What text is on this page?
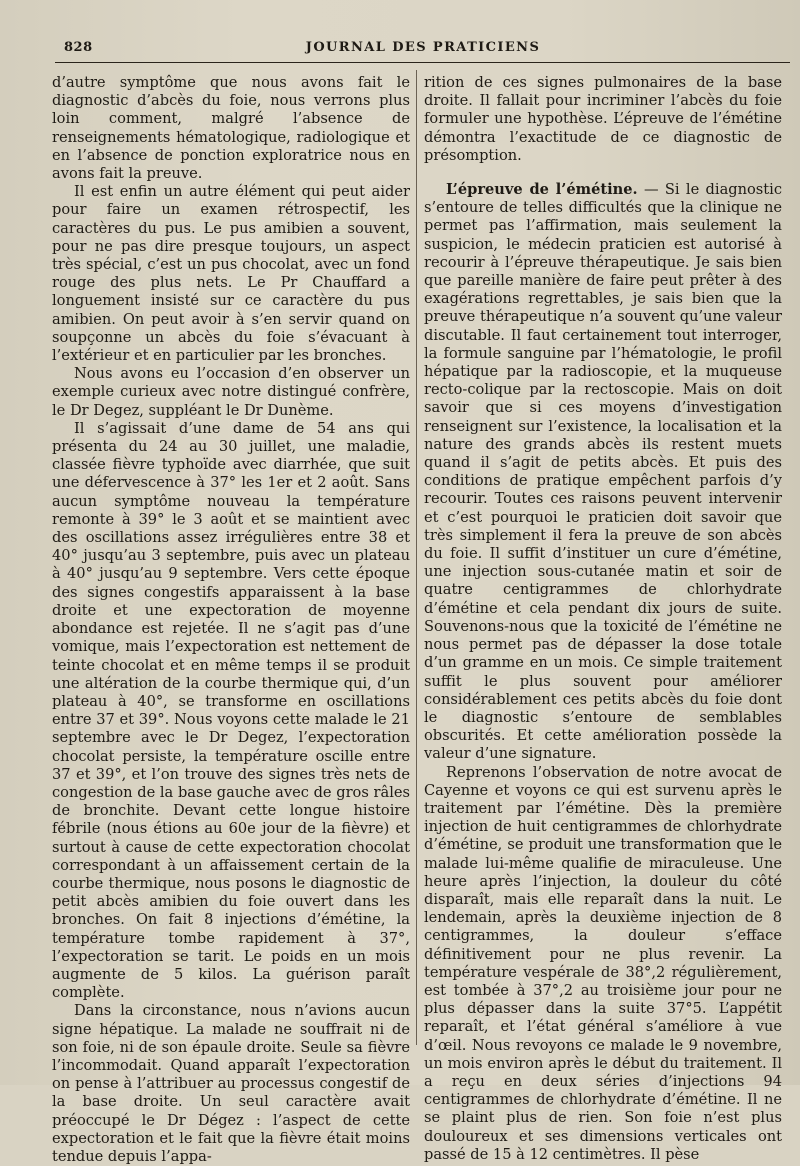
828	JOURNAL DES PRATICIENS

d’autre symptôme que nous avons fait le diagnostic d’abcès du foie, nous verrons plus loin comment, malgré l’absence de renseignements hématologique, radiologique et en l’absence de ponction exploratrice nous en avons fait la preuve.

Il est enfin un autre élément qui peut aider pour faire un examen rétrospectif, les caractères du pus. Le pus amibien a souvent, pour ne pas dire presque toujours, un aspect très spécial, c’est un pus chocolat, avec un fond rouge des plus nets. Le Pr Chauffard a longuement insisté sur ce caractère du pus amibien. On peut avoir à s’en servir quand on soupçonne un abcès du foie s’évacuant à l’extérieur et en particulier par les bronches.

Nous avons eu l’occasion d’en observer un exemple curieux avec notre distingué confrère, le Dr Degez, suppléant le Dr Dunème.

Il s’agissait d’une dame de 54 ans qui présenta du 24 au 30 juillet, une maladie, classée fièvre typhoïde avec diarrhée, que suit une défervescence à 37° les 1er et 2 août. Sans aucun symptôme nouveau la température remonte à 39° le 3 août et se maintient avec des oscillations assez irrégulières entre 38 et 40° jusqu’au 3 septembre, puis avec un plateau à 40° jusqu’au 9 septembre. Vers cette époque des signes congestifs apparaissent à la base droite et une expectoration de moyenne abondance est rejetée. Il ne s’agit pas d’une vomique, mais l’expectoration est nettement de teinte chocolat et en même temps il se produit une altération de la courbe thermique qui, d’un plateau à 40°, se transforme en oscillations entre 37 et 39°. Nous voyons cette malade le 21 septembre avec le Dr Degez, l’expectoration chocolat persiste, la température oscille entre 37 et 39°, et l’on trouve des signes très nets de congestion de la base gauche avec de gros râles de bronchite. Devant cette longue histoire fébrile (nous étions au 60e jour de la fièvre) et surtout à cause de cette expectoration chocolat correspondant à un affaissement certain de la courbe thermique, nous posons le diagnostic de petit abcès amibien du foie ouvert dans les bronches. On fait 8 injections d’émétine, la température tombe rapidement à 37°, l’expectoration se tarit. Le poids en un mois augmente de 5 kilos. La guérison paraît complète.

Dans la circonstance, nous n’avions aucun signe hépatique. La malade ne souffrait ni de son foie, ni de son épaule droite. Seule sa fièvre l’incommodait. Quand apparaît l’expectoration on pense à l’attribuer au processus congestif de la base droite. Un seul caractère avait préoccupé le Dr Dégez : l’aspect de cette expectoration et le fait que la fièvre était moins tendue depuis l’appa-

rition de ces signes pulmonaires de la base droite. Il fallait pour incriminer l’abcès du foie formuler une hypothèse. L’épreuve de l’émétine démontra l’exactitude de ce diagnostic de présomption.

L’épreuve de l’émétine. — Si le diagnostic s’entoure de telles difficultés que la clinique ne permet pas l’affirmation, mais seulement la suspicion, le médecin praticien est autorisé à recourir à l’épreuve thérapeutique. Je sais bien que pareille manière de faire peut prêter à des exagérations regrettables, je sais bien que la preuve thérapeutique n’a souvent qu’une valeur discutable. Il faut certainement tout interroger, la formule sanguine par l’hématologie, le profil hépatique par la radioscopie, et la muqueuse recto-colique par la rectoscopie. Mais on doit savoir que si ces moyens d’investigation renseignent sur l’existence, la localisation et la nature des grands abcès ils restent muets quand il s’agit de petits abcès. Et puis des conditions de pratique empêchent parfois d’y recourir. Toutes ces raisons peuvent intervenir et c’est pourquoi le praticien doit savoir que très simplement il fera la preuve de son abcès du foie. Il suffit d’instituer un cure d’émétine, une injection sous-cutanée matin et soir de quatre centigrammes de chlorhydrate d’émétine et cela pendant dix jours de suite. Souvenons-nous que la toxicité de l’émétine ne nous permet pas de dépasser la dose totale d’un gramme en un mois. Ce simple traitement suffit le plus souvent pour améliorer considérablement ces petits abcès du foie dont le diagnostic s’entoure de semblables obscurités. Et cette amélioration possède la valeur d’une signature.

Reprenons l’observation de notre avocat de Cayenne et voyons ce qui est survenu après le traitement par l’émétine. Dès la première injection de huit centigrammes de chlorhydrate d’émétine, se produit une transformation que le malade lui-même qualifie de miraculeuse. Une heure après l’injection, la douleur du côté disparaît, mais elle reparaît dans la nuit. Le lendemain, après la deuxième injection de 8 centigrammes, la douleur s’efface définitivement pour ne plus revenir. La température vespérale de 38°,2 régulièrement, est tombée à 37°,2 au troisième jour pour ne plus dépasser dans la suite 37°5. L’appétit reparaît, et l’état général s’améliore à vue d’œil. Nous revoyons ce malade le 9 novembre, un mois environ après le début du traitement. Il a reçu en deux séries d’injections 94 centigrammes de chlorhydrate d’émétine. Il ne se plaint plus de rien. Son foie n’est plus douloureux et ses dimensions verticales ont passé de 15 à 12 centimètres. Il pèse
